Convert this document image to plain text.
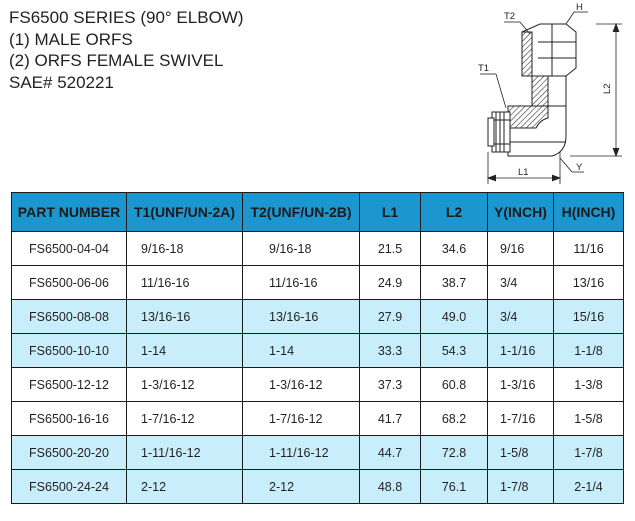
FS6500 SERIES (90° ELBOW)
(1) MALE ORFS
(2) ORFS FEMALE SWIVEL
SAE# 520221
T2
H
T1
L2
L1	Y
PART NUMBER	T1(UNF/UN-2A)	T2(UNF/UN-2B)	L1	L2	Y(INCH)	H(INCH)
FS6500-04-04	9/16-18	9/16-18	21.5	34.6	9/16	11/16
FS6500-06-06	11/16-16	11/16-16	24.9	38.7	3/4	13/16
FS6500-08-08	13/16-16	13/16-16	27.9	49.0	3/4	15/16
FS6500-10-10	1-14	1-14	33.3	54.3	1-1/16	1-1/8
FS6500-12-12	1-3/16-12	1-3/16-12	37.3	60.8	1-3/16	1-3/8
FS6500-16-16	1-7/16-12	1-7/16-12	41.7	68.2	1-7/16	1-5/8
FS6500-20-20	1-11/16-12	1-11/16-12	44.7	72.8	1-5/8	1-7/8
FS6500-24-24	2-12	2-12	48.8	76.1	1-7/8	2-1/4
